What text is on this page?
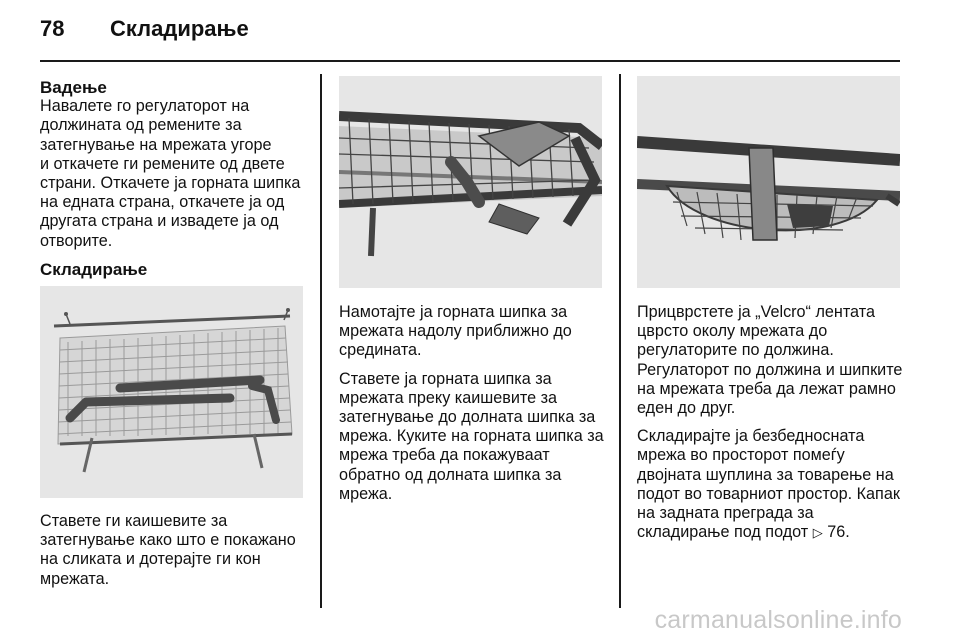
78 Складирање
Вадење
Навалете го регулаторот на
должината од ремените за
затегнување на мрежата угоре
и откачете ги ремените од двете
страни. Откачете ја горната шипка
на едната страна, откачете ја од
другата страна и извадете ја од
отворите.
Складирање
Ставете ги каишевите за
затегнување како што е покажано
на сликата и дотерајте ги кон
мрежата.

Намотајте ја горната шипка за
мрежата надолу приближно до
средината.

Ставете ја горната шипка за
мрежата преку каишевите за
затегнување до долната шипка за
мрежа. Куките на горната шипка за
мрежа треба да покажуваат
обратно од долната шипка за
мрежа.

Прицврстете ја „Velcro“ лентата
цврсто околу мрежата до
регулаторите по должина.
Регулаторот по должина и шипките
на мрежата треба да лежат рамно
еден до друг.

Складирајте ја безбедносната
мрежа во просторот помеѓу
двојната шуплина за товарење на
подот во товарниот простор. Капак
на задната преграда за
складирање под подот ▷ 76.

carmanualsonline.info
